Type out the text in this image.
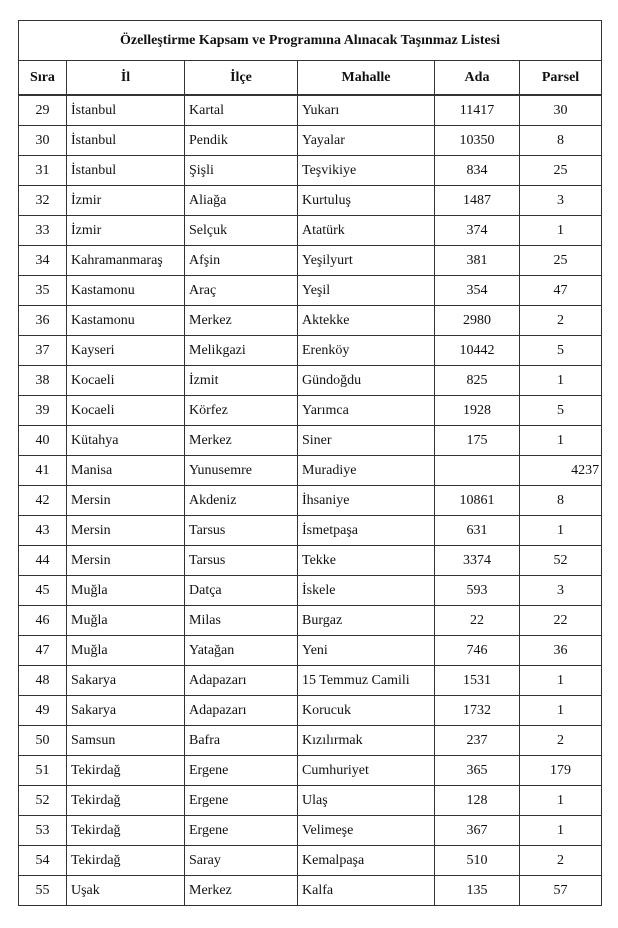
Özelleştirme Kapsam ve Programına Alınacak Taşınmaz Listesi					
Sıra	İl	İlçe	Mahalle	Ada	Parsel
29	İstanbul	Kartal	Yukarı	11417	30
30	İstanbul	Pendik	Yayalar	10350	8
31	İstanbul	Şişli	Teşvikiye	834	25
32	İzmir	Aliağa	Kurtuluş	1487	3
33	İzmir	Selçuk	Atatürk	374	1
34	Kahramanmaraş	Afşin	Yeşilyurt	381	25
35	Kastamonu	Araç	Yeşil	354	47
36	Kastamonu	Merkez	Aktekke	2980	2
37	Kayseri	Melikgazi	Erenköy	10442	5
38	Kocaeli	İzmit	Gündoğdu	825	1
39	Kocaeli	Körfez	Yarımca	1928	5
40	Kütahya	Merkez	Siner	175	1
41	Manisa	Yunusemre	Muradiye		4237
42	Mersin	Akdeniz	İhsaniye	10861	8
43	Mersin	Tarsus	İsmetpaşa	631	1
44	Mersin	Tarsus	Tekke	3374	52
45	Muğla	Datça	İskele	593	3
46	Muğla	Milas	Burgaz	22	22
47	Muğla	Yatağan	Yeni	746	36
48	Sakarya	Adapazarı	15 Temmuz Camili	1531	1
49	Sakarya	Adapazarı	Korucuk	1732	1
50	Samsun	Bafra	Kızılırmak	237	2
51	Tekirdağ	Ergene	Cumhuriyet	365	179
52	Tekirdağ	Ergene	Ulaş	128	1
53	Tekirdağ	Ergene	Velimeşe	367	1
54	Tekirdağ	Saray	Kemalpaşa	510	2
55	Uşak	Merkez	Kalfa	135	57
